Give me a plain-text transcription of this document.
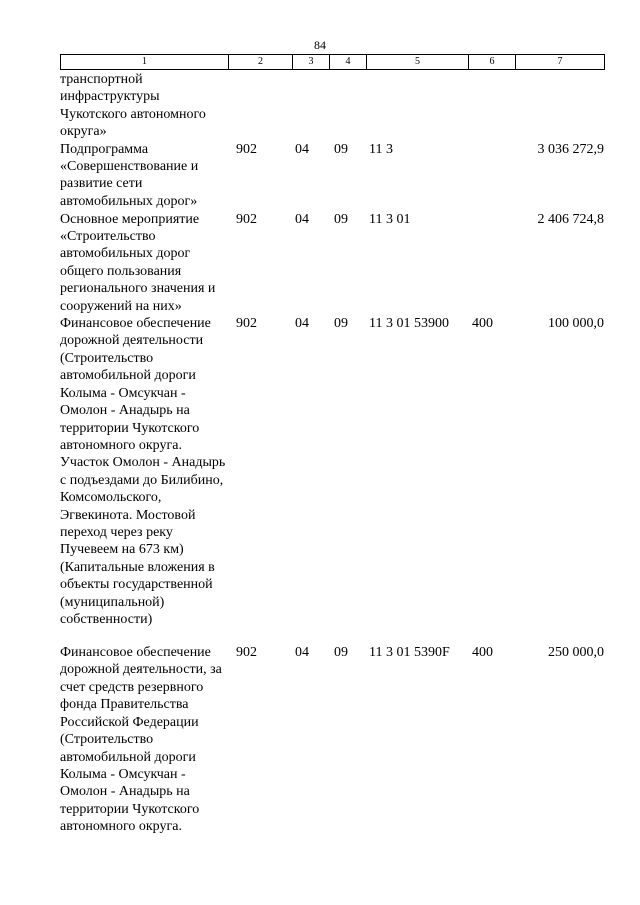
84
1	2	3	4	5	6	7
транспортной инфраструктуры Чукотского автономного округа»						
Подпрограмма «Совершенствование и развитие сети автомобильных дорог»	902	04	09	11 3		3 036 272,9
Основное мероприятие «Строительство автомобильных дорог общего пользования регионального значения и сооружений на них»	902	04	09	11 3 01		2 406 724,8
Финансовое обеспечение дорожной деятельности (Строительство автомобильной дороги Колыма - Омсукчан - Омолон - Анадырь на территории Чукотского автономного округа. Участок Омолон - Анадырь с подъездами до Билибино, Комсомольского, Эгвекинота. Мостовой переход через реку Пучевеем на 673 км) (Капитальные вложения в объекты государственной (муниципальной) собственности)	902	04	09	11 3 01 53900	400	100 000,0
Финансовое обеспечение дорожной деятельности, за счет средств резервного фонда Правительства Российской Федерации (Строительство автомобильной дороги Колыма - Омсукчан - Омолон - Анадырь на территории Чукотского автономного округа.	902	04	09	11 3 01 5390F	400	250 000,0
